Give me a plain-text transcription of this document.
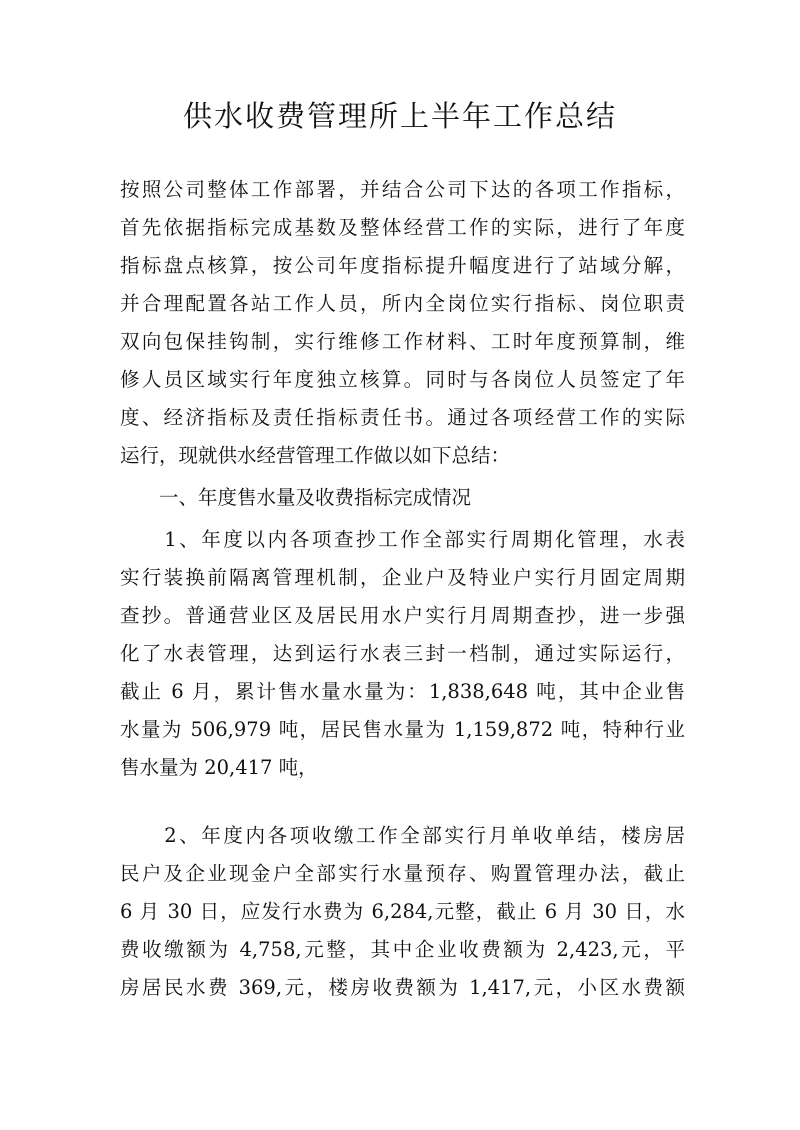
供水收费管理所上半年工作总结
按照公司整体工作部署，并结合公司下达的各项工作指标，
首先依据指标完成基数及整体经营工作的实际，进行了年度
指标盘点核算，按公司年度指标提升幅度进行了站域分解，
并合理配置各站工作人员，所内全岗位实行指标、岗位职责
双向包保挂钩制，实行维修工作材料、工时年度预算制，维
修人员区域实行年度独立核算。同时与各岗位人员签定了年
度、经济指标及责任指标责任书。通过各项经营工作的实际
运行，现就供水经营管理工作做以如下总结：
　　一、年度售水量及收费指标完成情况
　　1、年度以内各项查抄工作全部实行周期化管理，水表
实行装换前隔离管理机制，企业户及特业户实行月固定周期
查抄。普通营业区及居民用水户实行月周期查抄，进一步强
化了水表管理，达到运行水表三封一档制，通过实际运行，
截止 6 月，累计售水量水量为：1,838,648 吨，其中企业售
水量为 506,979 吨，居民售水量为 1,159,872 吨，特种行业
售水量为 20,417 吨，
　　2、年度内各项收缴工作全部实行月单收单结，楼房居
民户及企业现金户全部实行水量预存、购置管理办法，截止
6 月 30 日，应发行水费为 6,284,元整，截止 6 月 30 日，水
费收缴额为 4,758,元整，其中企业收费额为 2,423,元，平
房居民水费 369,元，楼房收费额为 1,417,元，小区水费额
